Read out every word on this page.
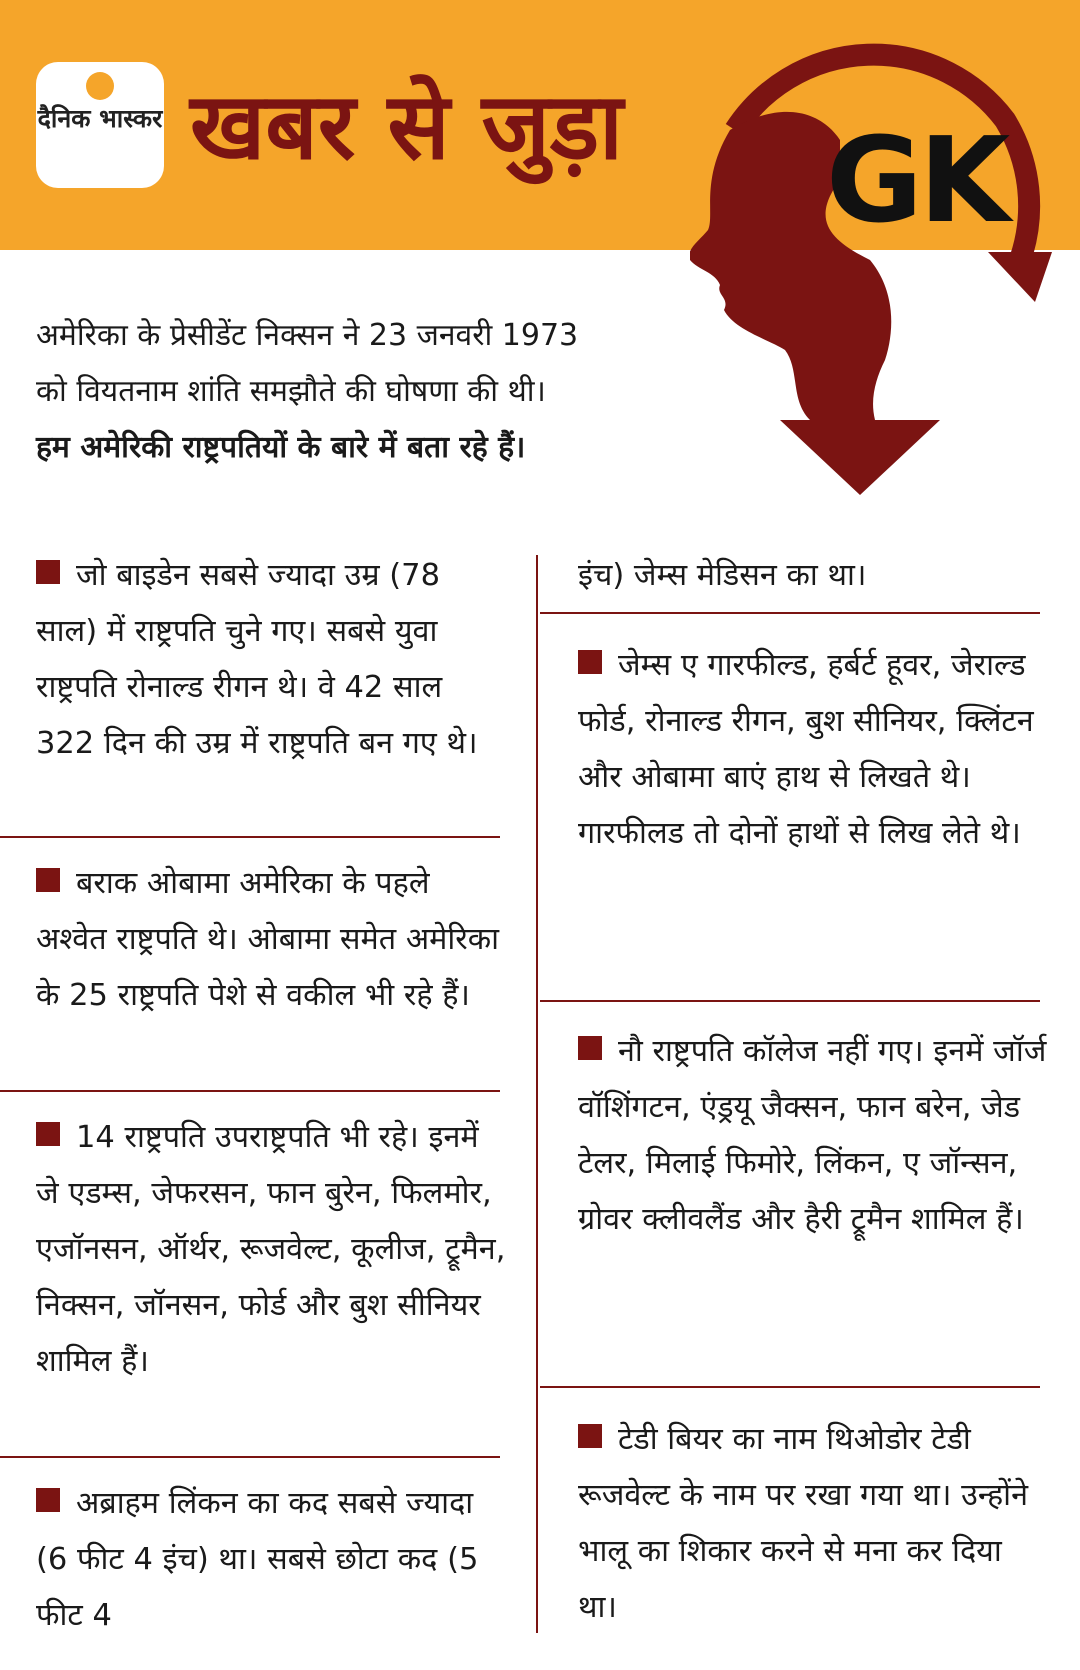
दैनिक भास्कर खबर से जुड़ा GK
अमेरिका के प्रेसीडेंट निक्सन ने 23 जनवरी 1973
को वियतनाम शांति समझौते की घोषणा की थी।
हम अमेरिकी राष्ट्रपतियों के बारे में बता रहे हैं।
जो बाइडेन सबसे ज्यादा उम्र (78 साल) में राष्ट्रपति चुने गए। सबसे युवा राष्ट्रपति रोनाल्ड रीगन थे। वे 42 साल 322 दिन की उम्र में राष्ट्रपति बन गए थे।
बराक ओबामा अमेरिका के पहले अश्वेत राष्ट्रपति थे। ओबामा समेत अमेरिका के 25 राष्ट्रपति पेशे से वकील भी रहे हैं।
14 राष्ट्रपति उपराष्ट्रपति भी रहे। इनमें जे एडम्स, जेफरसन, फान बुरेन, फिलमोर, एजॉनसन, ऑर्थर, रूजवेल्ट, कूलीज, ट्रूमैन, निक्सन, जॉनसन, फोर्ड और बुश सीनियर शामिल हैं।
अब्राहम लिंकन का कद सबसे ज्यादा (6 फीट 4 इंच) था। सबसे छोटा कद (5 फीट 4
इंच) जेम्स मेडिसन का था।
जेम्स ए गारफील्ड, हर्बर्ट हूवर, जेराल्ड फोर्ड, रोनाल्ड रीगन, बुश सीनियर, क्लिंटन और ओबामा बाएं हाथ से लिखते थे। गारफीलड तो दोनों हाथों से लिख लेते थे।
नौ राष्ट्रपति कॉलेज नहीं गए। इनमें जॉर्ज वॉशिंगटन, एंड्रयू जैक्सन, फान बरेन, जेड टेलर, मिलाई फिमोरे, लिंकन, ए जॉन्सन, ग्रोवर क्लीवलैंड और हैरी ट्रूमैन शामिल हैं।
टेडी बियर का नाम थिओडोर टेडी रूजवेल्ट के नाम पर रखा गया था। उन्होंने भालू का शिकार करने से मना कर दिया था।
